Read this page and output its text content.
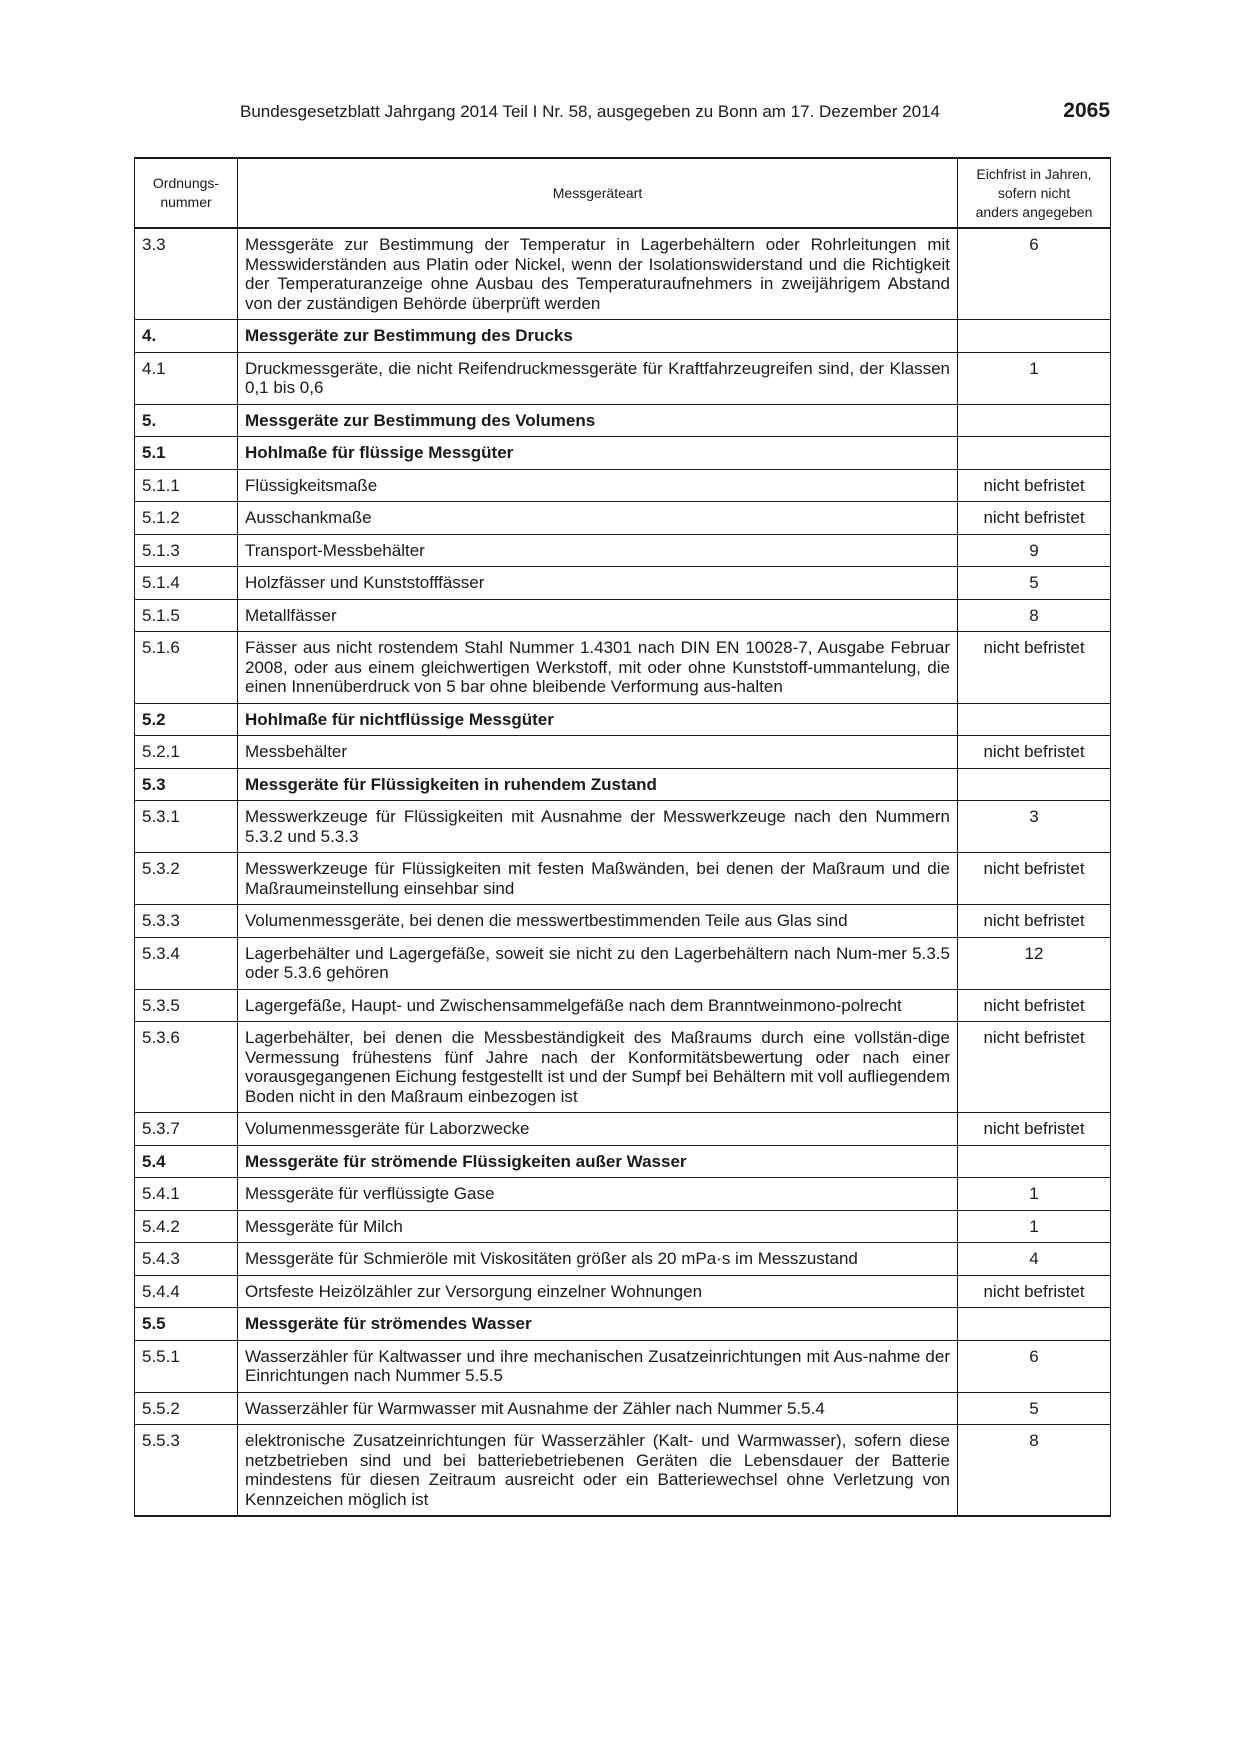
Bundesgesetzblatt Jahrgang 2014 Teil I Nr. 58, ausgegeben zu Bonn am 17. Dezember 2014	2065
Ordnungs-
nummer	Messgeräteart	Eichfrist in Jahren,
sofern nicht
anders angegeben
3.3	Messgeräte zur Bestimmung der Temperatur in Lagerbehältern oder Rohrleitungen mit Messwiderständen aus Platin oder Nickel, wenn der Isolationswiderstand und die Richtigkeit der Temperaturanzeige ohne Ausbau des Temperaturaufnehmers in zweijährigem Abstand von der zuständigen Behörde überprüft werden	6
4.	Messgeräte zur Bestimmung des Drucks	
4.1	Druckmessgeräte, die nicht Reifendruckmessgeräte für Kraftfahrzeugreifen sind, der Klassen 0,1 bis 0,6	1
5.	Messgeräte zur Bestimmung des Volumens	
5.1	Hohlmaße für flüssige Messgüter	
5.1.1	Flüssigkeitsmaße	nicht befristet
5.1.2	Ausschankmaße	nicht befristet
5.1.3	Transport-Messbehälter	9
5.1.4	Holzfässer und Kunststofffässer	5
5.1.5	Metallfässer	8
5.1.6	Fässer aus nicht rostendem Stahl Nummer 1.4301 nach DIN EN 10028-7, Ausgabe Februar 2008, oder aus einem gleichwertigen Werkstoff, mit oder ohne Kunststoff-ummantelung, die einen Innenüberdruck von 5 bar ohne bleibende Verformung aus-halten	nicht befristet
5.2	Hohlmaße für nichtflüssige Messgüter	
5.2.1	Messbehälter	nicht befristet
5.3	Messgeräte für Flüssigkeiten in ruhendem Zustand	
5.3.1	Messwerkzeuge für Flüssigkeiten mit Ausnahme der Messwerkzeuge nach den Nummern 5.3.2 und 5.3.3	3
5.3.2	Messwerkzeuge für Flüssigkeiten mit festen Maßwänden, bei denen der Maßraum und die Maßraumeinstellung einsehbar sind	nicht befristet
5.3.3	Volumenmessgeräte, bei denen die messwertbestimmenden Teile aus Glas sind	nicht befristet
5.3.4	Lagerbehälter und Lagergefäße, soweit sie nicht zu den Lagerbehältern nach Num-mer 5.3.5 oder 5.3.6 gehören	12
5.3.5	Lagergefäße, Haupt- und Zwischensammelgefäße nach dem Branntweinmono-polrecht	nicht befristet
5.3.6	Lagerbehälter, bei denen die Messbeständigkeit des Maßraums durch eine vollstän-dige Vermessung frühestens fünf Jahre nach der Konformitätsbewertung oder nach einer vorausgegangenen Eichung festgestellt ist und der Sumpf bei Behältern mit voll aufliegendem Boden nicht in den Maßraum einbezogen ist	nicht befristet
5.3.7	Volumenmessgeräte für Laborzwecke	nicht befristet
5.4	Messgeräte für strömende Flüssigkeiten außer Wasser	
5.4.1	Messgeräte für verflüssigte Gase	1
5.4.2	Messgeräte für Milch	1
5.4.3	Messgeräte für Schmieröle mit Viskositäten größer als 20 mPa·s im Messzustand	4
5.4.4	Ortsfeste Heizölzähler zur Versorgung einzelner Wohnungen	nicht befristet
5.5	Messgeräte für strömendes Wasser	
5.5.1	Wasserzähler für Kaltwasser und ihre mechanischen Zusatzeinrichtungen mit Aus-nahme der Einrichtungen nach Nummer 5.5.5	6
5.5.2	Wasserzähler für Warmwasser mit Ausnahme der Zähler nach Nummer 5.5.4	5
5.5.3	elektronische Zusatzeinrichtungen für Wasserzähler (Kalt- und Warmwasser), sofern diese netzbetrieben sind und bei batteriebetriebenen Geräten die Lebensdauer der Batterie mindestens für diesen Zeitraum ausreicht oder ein Batteriewechsel ohne Verletzung von Kennzeichen möglich ist	8
